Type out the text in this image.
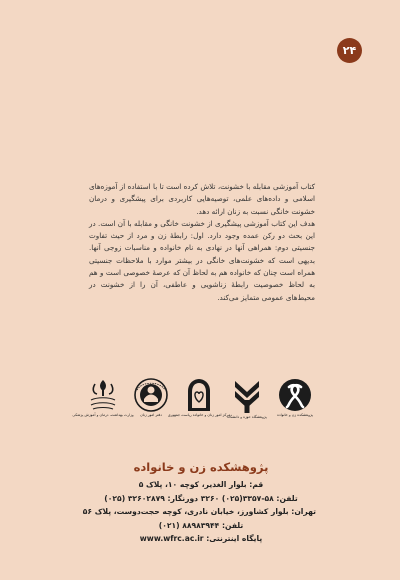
۲۴

کتاب آموزشی مقابله با خشونت، تلاش کرده است تا با استفاده از آموزه‌های اسلامی و داده‌های علمی، توصیه‌هایی کاربردی برای پیشگیری و درمان خشونت خانگی نسبت به زنان ارائه دهد.

هدف این کتاب آموزشی پیشگیری از خشونت خانگی و مقابله با آن است. در این بحث دو رکن عمده وجود دارد. اول: رابطهٔ زن و مرد از حیث تفاوت جنسیتی دوم: همراهی آنها در نهادی به نام خانواده و مناسبات زوجی آنها. بدیهی است که خشونت‌های خانگی در بیشتر موارد با ملاحظات جنسیتی همراه است چنان که خانواده هم به لحاظ آن که عرصهٔ خصوصی است و هم به لحاظ خصوصیت رابطهٔ زناشویی و عاطفی، آن را از خشونت در محیط‌های عمومی متمایز می‌کند.

پژوهشکده زن و خانواده
پژوهشگاه حوزه و دانشگاه
مرکز امور زنان و خانواده ریاست جمهوری
دفتر امور زنان
وزارت بهداشت، درمان و آموزش پزشکی

پژوهشکده زن و خانواده

قم: بلوار الغدیر، کوچه ۱۰، پلاک ۵

تلفن: ۵۸-۳۳۵۷(۰۲۵) ۳۲۶۰ دورنگار: ۳۲۶۰۲۸۷۹ (۰۲۵)

تهران: بلوار کشاورز، خیابان نادری، کوچه حجت‌دوست، پلاک ۵۶

تلفن: ۸۸۹۸۳۹۴۴ (۰۲۱)

پایگاه اینترنتی: www.wfrc.ac.ir
